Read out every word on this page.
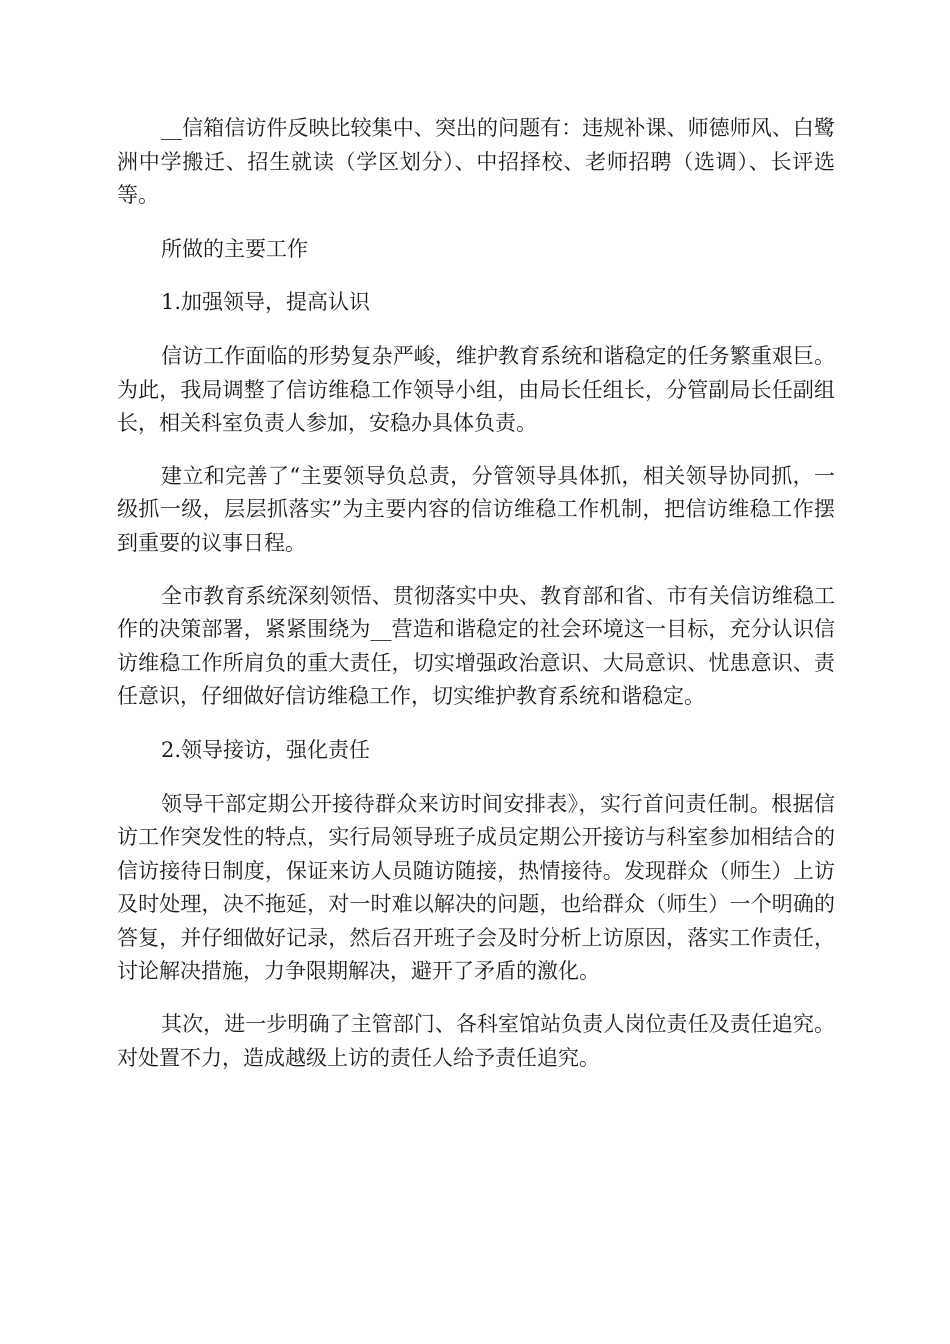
__信箱信访件反映比较集中、突出的问题有：违规补课、师德师风、白鹭洲中学搬迁、招生就读（学区划分）、中招择校、老师招聘（选调）、长评选等。

所做的主要工作

1.加强领导，提高认识

信访工作面临的形势复杂严峻，维护教育系统和谐稳定的任务繁重艰巨。为此，我局调整了信访维稳工作领导小组，由局长任组长，分管副局长任副组长，相关科室负责人参加，安稳办具体负责。

建立和完善了“主要领导负总责，分管领导具体抓，相关领导协同抓，一级抓一级，层层抓落实”为主要内容的信访维稳工作机制，把信访维稳工作摆到重要的议事日程。

全市教育系统深刻领悟、贯彻落实中央、教育部和省、市有关信访维稳工作的决策部署，紧紧围绕为__营造和谐稳定的社会环境这一目标，充分认识信访维稳工作所肩负的重大责任，切实增强政治意识、大局意识、忧患意识、责任意识，仔细做好信访维稳工作，切实维护教育系统和谐稳定。

2.领导接访，强化责任

领导干部定期公开接待群众来访时间安排表》，实行首问责任制。根据信访工作突发性的特点，实行局领导班子成员定期公开接访与科室参加相结合的信访接待日制度，保证来访人员随访随接，热情接待。发现群众（师生）上访及时处理，决不拖延，对一时难以解决的问题，也给群众（师生）一个明确的答复，并仔细做好记录，然后召开班子会及时分析上访原因，落实工作责任，讨论解决措施，力争限期解决，避开了矛盾的激化。

其次，进一步明确了主管部门、各科室馆站负责人岗位责任及责任追究。对处置不力，造成越级上访的责任人给予责任追究。
